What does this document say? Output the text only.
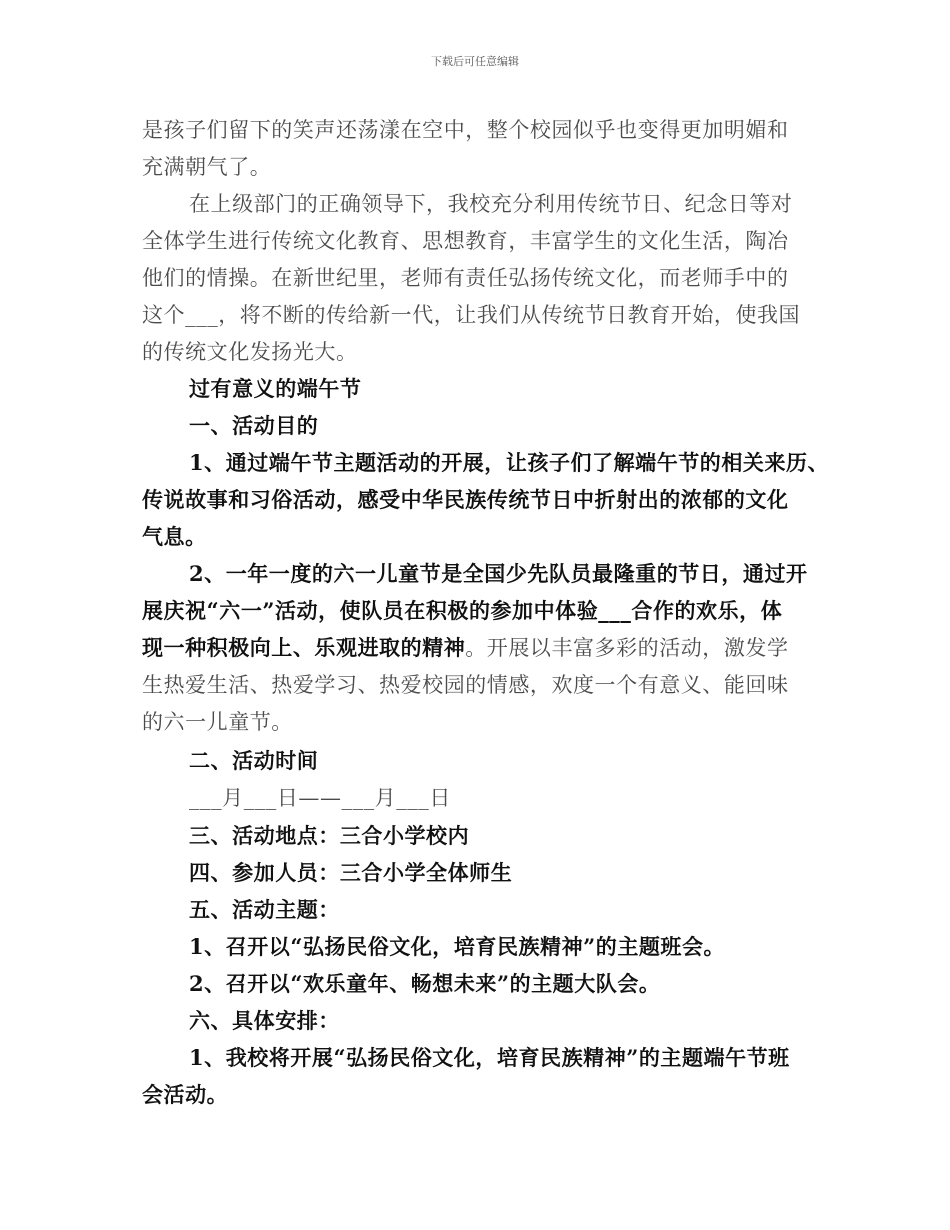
下载后可任意编辑
是孩子们留下的笑声还荡漾在空中，整个校园似乎也变得更加明媚和
充满朝气了。
在上级部门的正确领导下，我校充分利用传统节日、纪念日等对
全体学生进行传统文化教育、思想教育，丰富学生的文化生活，陶冶
他们的情操。在新世纪里，老师有责任弘扬传统文化，而老师手中的
这个___，将不断的传给新一代，让我们从传统节日教育开始，使我国
的传统文化发扬光大。
过有意义的端午节
一、活动目的
1、通过端午节主题活动的开展，让孩子们了解端午节的相关来历、
传说故事和习俗活动，感受中华民族传统节日中折射出的浓郁的文化
气息。
2、一年一度的六一儿童节是全国少先队员最隆重的节日，通过开
展庆祝“六一”活动，使队员在积极的参加中体验___合作的欢乐，体
现一种积极向上、乐观进取的精神。开展以丰富多彩的活动，激发学
生热爱生活、热爱学习、热爱校园的情感，欢度一个有意义、能回味
的六一儿童节。
二、活动时间
___月___日——___月___日
三、活动地点：三合小学校内
四、参加人员：三合小学全体师生
五、活动主题：
1、召开以“弘扬民俗文化，培育民族精神”的主题班会。
2、召开以“欢乐童年、畅想未来”的主题大队会。
六、具体安排：
1、我校将开展“弘扬民俗文化，培育民族精神”的主题端午节班
会活动。
